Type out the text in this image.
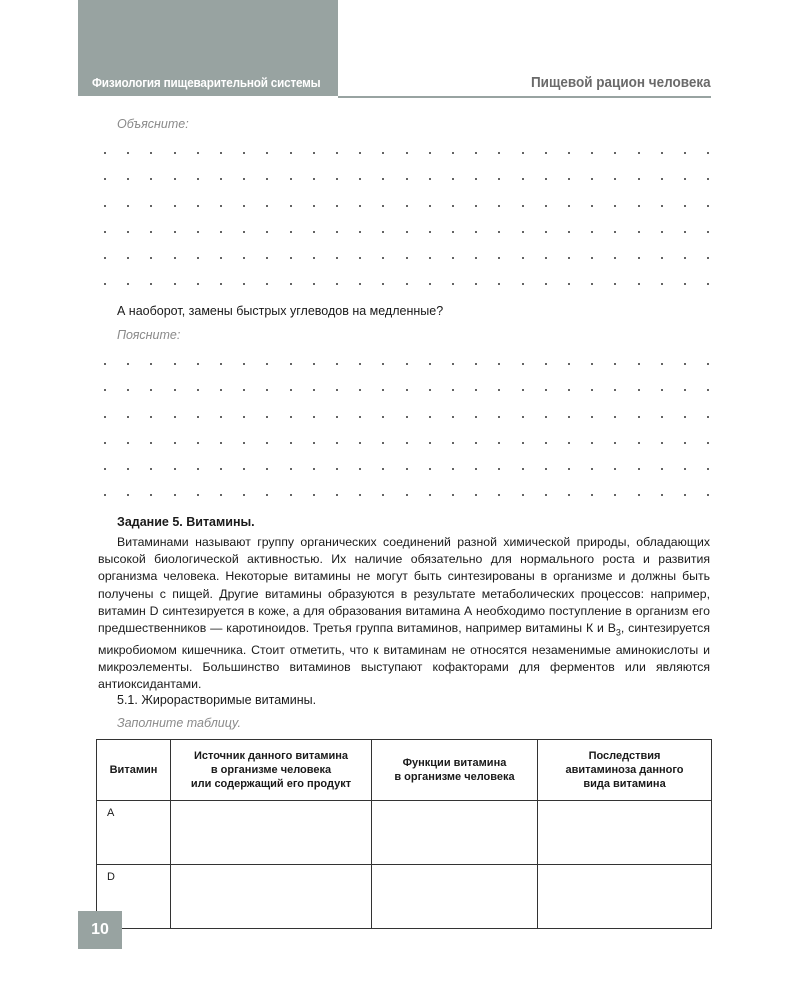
Физиология пищеварительной системы	Пищевой рацион человека
Объясните:
А наоборот, замены быстрых углеводов на медленные?
Поясните:
Задание 5. Витамины.

Витаминами называют группу органических соединений разной химической природы, обладающих высокой биологической активностью. Их наличие обязательно для нормального роста и развития организма человека. Некоторые витамины не могут быть синтезированы в организме и должны быть получены с пищей. Другие витамины образуются в результате метаболических процессов: например, витамин D синтезируется в коже, а для образования витамина А необходимо поступление в организм его предшественников — каротиноидов. Третья группа витаминов, например витамины К и $B_3$, синтезируется микробиомом кишечника. Стоит отметить, что к витаминам не относятся незаменимые аминокислоты и микроэлементы. Большинство витаминов выступают кофакторами для ферментов или являются антиоксидантами.

5.1. Жирорастворимые витамины.
Заполните таблицу.
Витамин	Источник данного витамина
в организме человека
или содержащий его продукт	Функции витамина
в организме человека	Последствия
авитаминоза данного
вида витамина
A			
D			
10
